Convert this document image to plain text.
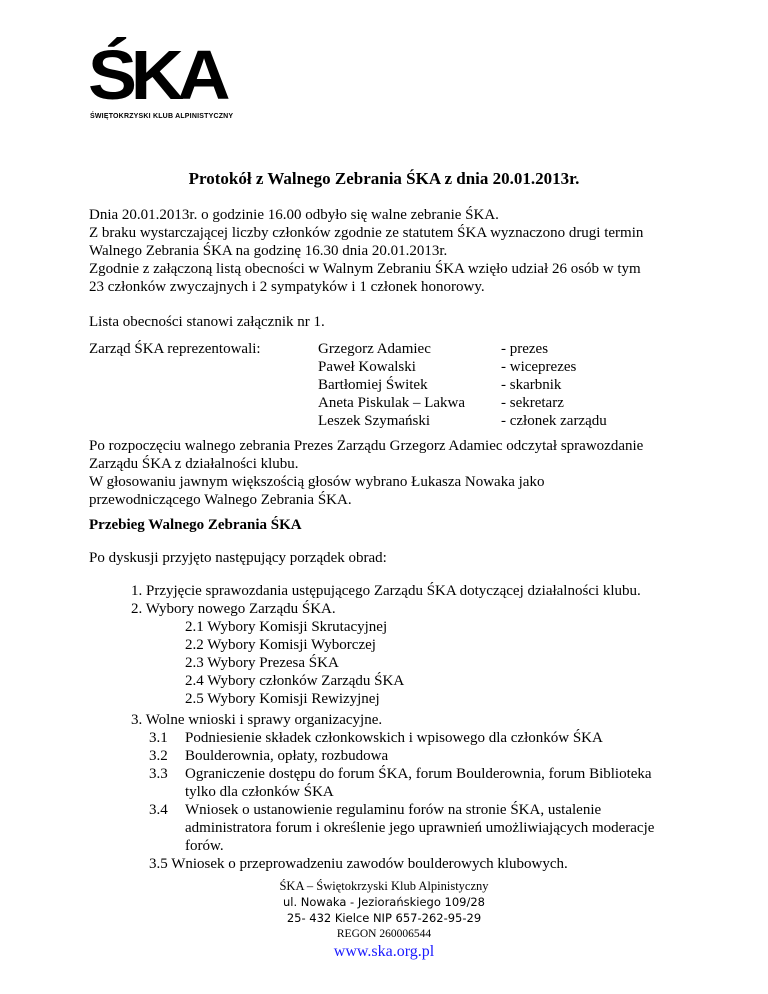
ŚKA
ŚWIĘTOKRZYSKI KLUB ALPINISTYCZNY
Protokół z Walnego Zebrania ŚKA z dnia 20.01.2013r.
Dnia 20.01.2013r. o godzinie 16.00 odbyło się walne zebranie ŚKA.
Z braku wystarczającej liczby członków zgodnie ze statutem ŚKA wyznaczono drugi termin
Walnego Zebrania ŚKA na godzinę 16.30 dnia 20.01.2013r.
Zgodnie z załączoną listą obecności w Walnym Zebraniu ŚKA wzięło udział 26 osób w tym
23 członków zwyczajnych i 2 sympatyków i 1 członek honorowy.
Lista obecności stanowi załącznik nr 1.
Zarząd ŚKA reprezentowali:	Grzegorz Adamiec
Paweł Kowalski
Bartłomiej Świtek
Aneta Piskulak – Lakwa
Leszek Szymański
- prezes
- wiceprezes
- skarbnik
- sekretarz
- członek zarządu
Po rozpoczęciu walnego zebrania Prezes Zarządu Grzegorz Adamiec odczytał sprawozdanie
Zarządu ŚKA z działalności klubu.
W głosowaniu jawnym większością głosów wybrano Łukasza Nowaka jako
przewodniczącego Walnego Zebrania ŚKA.
Przebieg Walnego Zebrania ŚKA
Po dyskusji przyjęto następujący porządek obrad:
1. Przyjęcie sprawozdania ustępującego Zarządu ŚKA dotyczącej działalności klubu.
2. Wybory nowego Zarządu ŚKA.
2.1 Wybory Komisji Skrutacyjnej
2.2 Wybory Komisji Wyborczej
2.3 Wybory Prezesa ŚKA
2.4 Wybory członków Zarządu ŚKA
2.5 Wybory Komisji Rewizyjnej
3. Wolne wnioski i sprawy organizacyjne.
3.1 Podniesienie składek członkowskich i wpisowego dla członków ŚKA
3.2 Boulderownia, opłaty, rozbudowa
3.3 Ograniczenie dostępu do forum ŚKA, forum Boulderownia, forum Biblioteka
tylko dla członków ŚKA
3.4 Wniosek o ustanowienie regulaminu forów na stronie ŚKA, ustalenie
administratora forum i określenie jego uprawnień umożliwiających moderacje
forów.
3.5 Wniosek o przeprowadzeniu zawodów boulderowych klubowych.
ŚKA – Świętokrzyski Klub Alpinistyczny
ul. Nowaka - Jeziorańskiego 109/28
25- 432 Kielce NIP 657-262-95-29
REGON 260006544
www.ska.org.pl
